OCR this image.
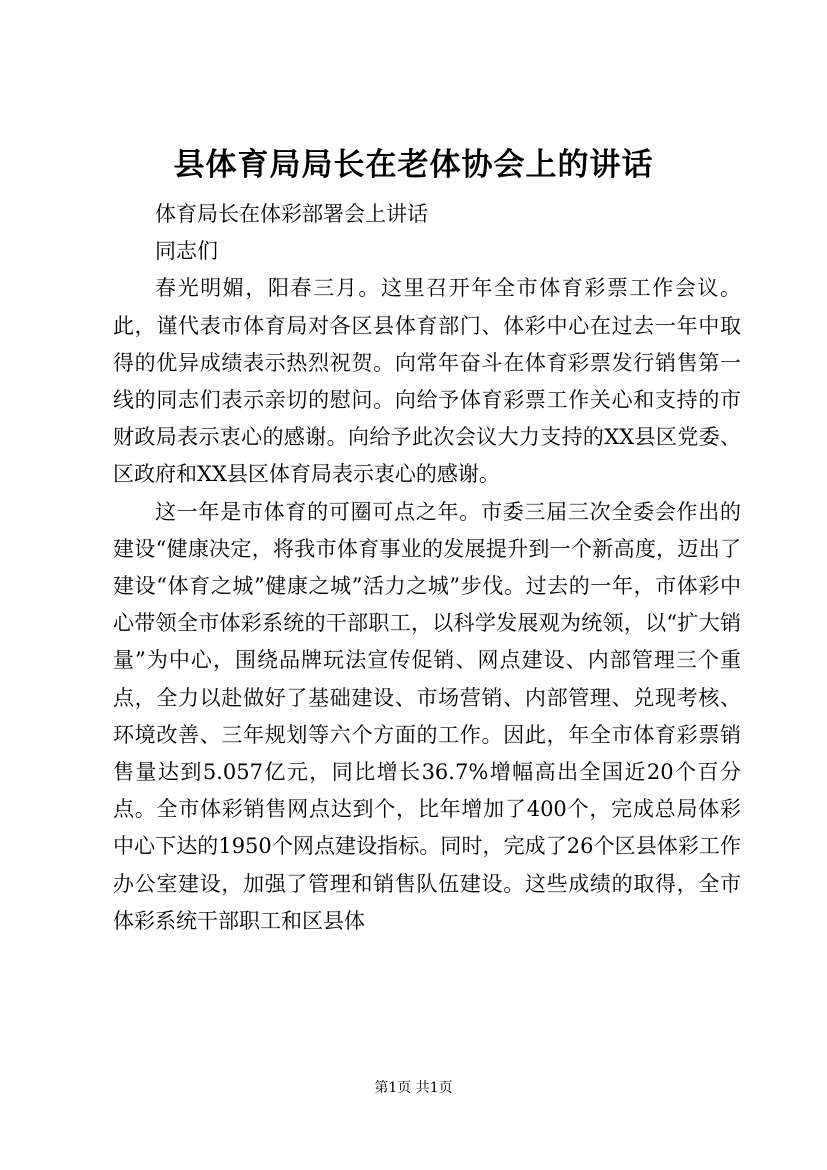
县体育局局长在老体协会上的讲话

体育局长在体彩部署会上讲话

同志们

春光明媚，阳春三月。这里召开年全市体育彩票工作会议。此，谨代表市体育局对各区县体育部门、体彩中心在过去一年中取得的优异成绩表示热烈祝贺。向常年奋斗在体育彩票发行销售第一线的同志们表示亲切的慰问。向给予体育彩票工作关心和支持的市财政局表示衷心的感谢。向给予此次会议大力支持的XX县区党委、区政府和XX县区体育局表示衷心的感谢。

这一年是市体育的可圈可点之年。市委三届三次全委会作出的建设“健康决定，将我市体育事业的发展提升到一个新高度，迈出了建设“体育之城”健康之城”活力之城”步伐。过去的一年，市体彩中心带领全市体彩系统的干部职工，以科学发展观为统领，以“扩大销量”为中心，围绕品牌玩法宣传促销、网点建设、内部管理三个重点，全力以赴做好了基础建设、市场营销、内部管理、兑现考核、环境改善、三年规划等六个方面的工作。因此，年全市体育彩票销售量达到5.057亿元，同比增长36.7%增幅高出全国近20个百分点。全市体彩销售网点达到个，比年增加了400个，完成总局体彩中心下达的1950个网点建设指标。同时，完成了26个区县体彩工作办公室建设，加强了管理和销售队伍建设。这些成绩的取得，全市体彩系统干部职工和区县体

第1页 共1页
